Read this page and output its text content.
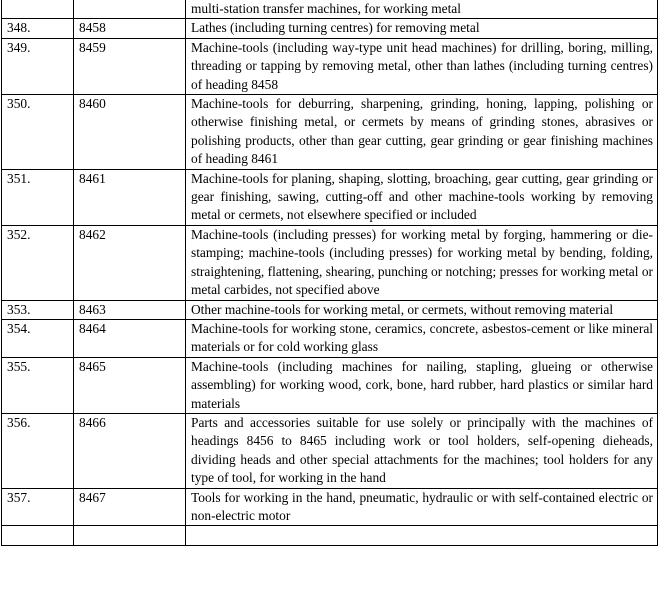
		multi-station transfer machines, for working metal
348.	8458	Lathes (including turning centres) for removing metal
349.	8459	Machine-tools (including way-type unit head machines) for drilling, boring, milling, threading or tapping by removing metal, other than lathes (including turning centres) of heading 8458
350.	8460	Machine-tools for deburring, sharpening, grinding, honing, lapping, polishing or otherwise finishing metal, or cermets by means of grinding stones, abrasives or polishing products, other than gear cutting, gear grinding or gear finishing machines of heading 8461
351.	8461	Machine-tools for planing, shaping, slotting, broaching, gear cutting, gear grinding or gear finishing, sawing, cutting-off and other machine-tools working by removing metal or cermets, not elsewhere specified or included
352.	8462	Machine-tools (including presses) for working metal by forging, hammering or die-stamping; machine-tools (including presses) for working metal by bending, folding, straightening, flattening, shearing, punching or notching; presses for working metal or metal carbides, not specified above
353.	8463	Other machine-tools for working metal, or cermets, without removing material
354.	8464	Machine-tools for working stone, ceramics, concrete, asbestos-cement or like mineral materials or for cold working glass
355.	8465	Machine-tools (including machines for nailing, stapling, glueing or otherwise assembling) for working wood, cork, bone, hard rubber, hard plastics or similar hard materials
356.	8466	Parts and accessories suitable for use solely or principally with the machines of headings 8456 to 8465 including work or tool holders, self-opening dieheads, dividing heads and other special attachments for the machines; tool holders for any type of tool, for working in the hand
357.	8467	Tools for working in the hand, pneumatic, hydraulic or with self-contained electric or non-electric motor
